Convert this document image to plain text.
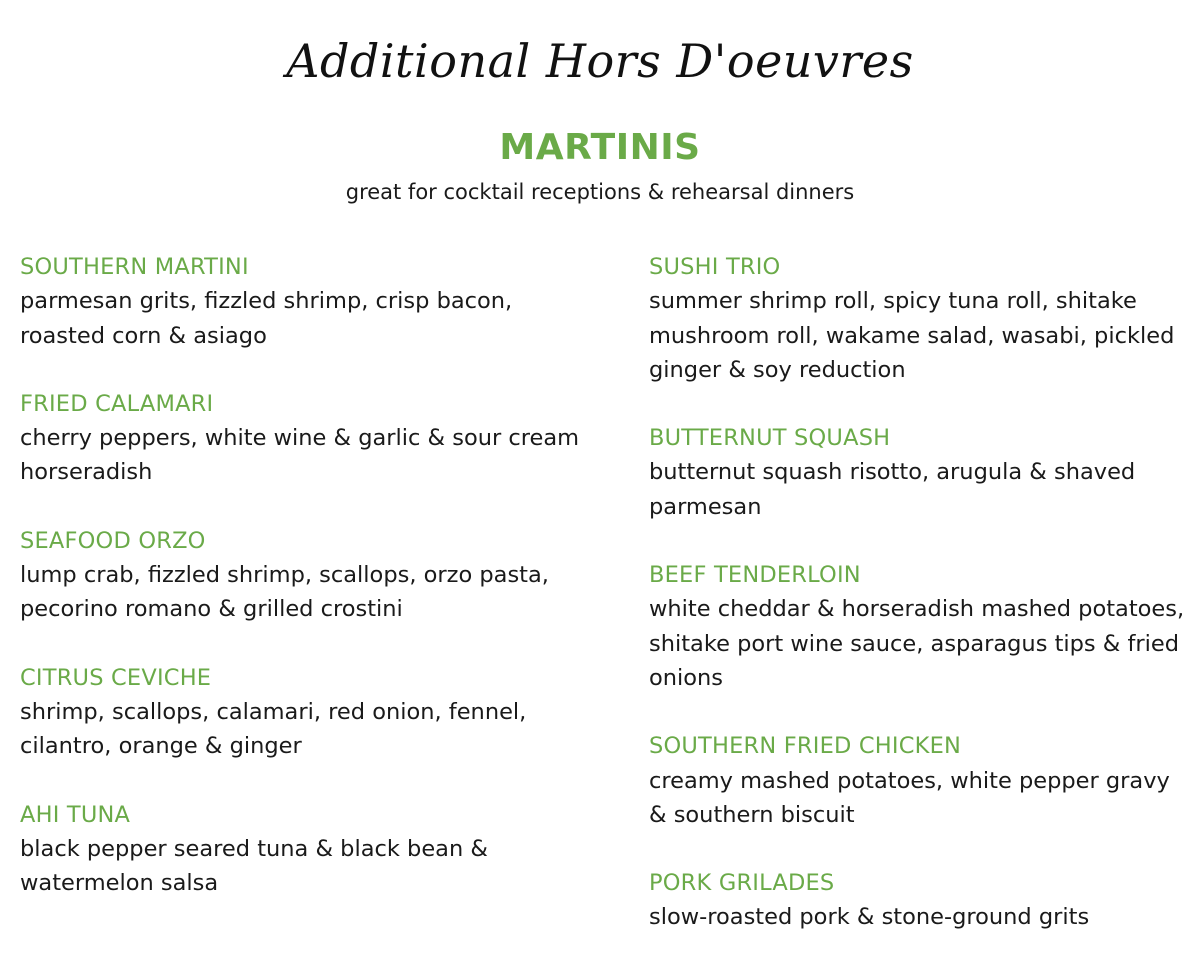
Additional Hors D'oeuvres
MARTINIS
great for cocktail receptions & rehearsal dinners
SOUTHERN MARTINI
parmesan grits, fizzled shrimp, crisp bacon, roasted corn & asiago
FRIED CALAMARI
cherry peppers, white wine & garlic & sour cream horseradish
SEAFOOD ORZO
lump crab, fizzled shrimp, scallops, orzo pasta, pecorino romano & grilled crostini
CITRUS CEVICHE
shrimp, scallops, calamari, red onion, fennel, cilantro, orange & ginger
AHI TUNA
black pepper seared tuna & black bean & watermelon salsa
SUSHI TRIO
summer shrimp roll, spicy tuna roll, shitake mushroom roll, wakame salad, wasabi, pickled ginger & soy reduction
BUTTERNUT SQUASH
butternut squash risotto, arugula & shaved parmesan
BEEF TENDERLOIN
white cheddar & horseradish mashed potatoes, shitake port wine sauce, asparagus tips & fried onions
SOUTHERN FRIED CHICKEN
creamy mashed potatoes, white pepper gravy & southern biscuit
PORK GRILADES
slow-roasted pork & stone-ground grits
